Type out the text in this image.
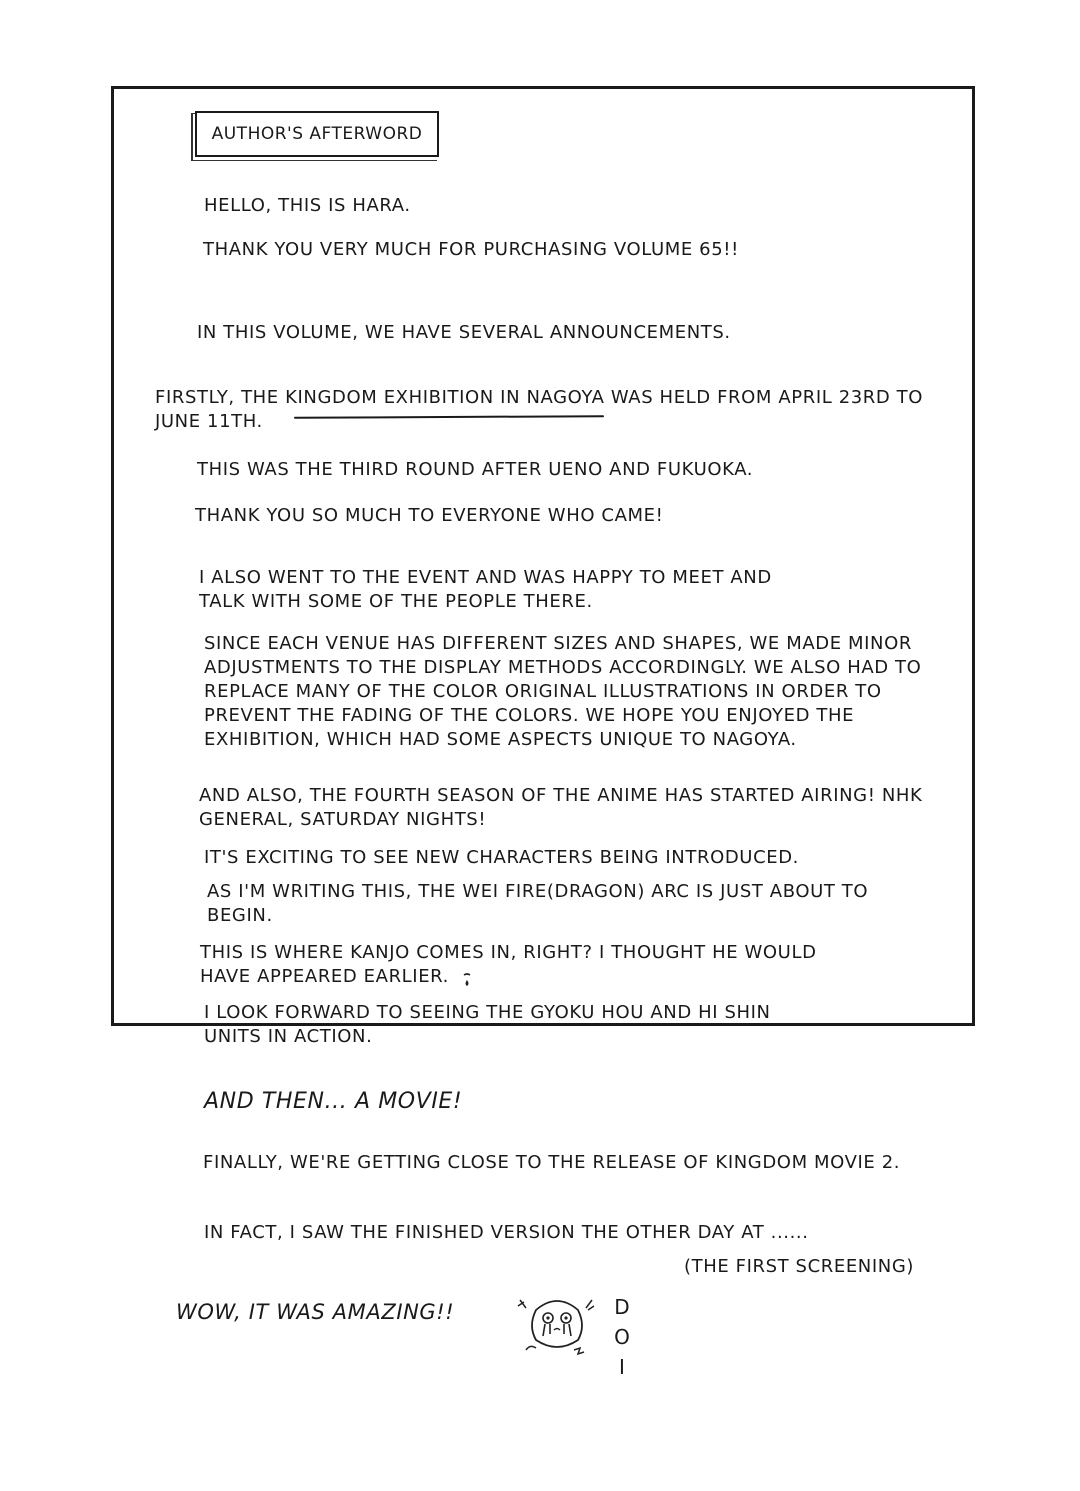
AUTHOR'S AFTERWORD
HELLO, THIS IS HARA.
THANK YOU VERY MUCH FOR PURCHASING VOLUME 65!!
IN THIS VOLUME, WE HAVE SEVERAL ANNOUNCEMENTS.
FIRSTLY, THE KINGDOM EXHIBITION IN NAGOYA WAS HELD FROM APRIL 23RD TO
JUNE 11TH.
THIS WAS THE THIRD ROUND AFTER UENO AND FUKUOKA.
THANK YOU SO MUCH TO EVERYONE WHO CAME!
I ALSO WENT TO THE EVENT AND WAS HAPPY TO MEET AND
TALK WITH SOME OF THE PEOPLE THERE.
SINCE EACH VENUE HAS DIFFERENT SIZES AND SHAPES, WE MADE MINOR
ADJUSTMENTS TO THE DISPLAY METHODS ACCORDINGLY. WE ALSO HAD TO
REPLACE MANY OF THE COLOR ORIGINAL ILLUSTRATIONS IN ORDER TO
PREVENT THE FADING OF THE COLORS. WE HOPE YOU ENJOYED THE
EXHIBITION, WHICH HAD SOME ASPECTS UNIQUE TO NAGOYA.
AND ALSO, THE FOURTH SEASON OF THE ANIME HAS STARTED AIRING! NHK
GENERAL, SATURDAY NIGHTS!
IT'S EXCITING TO SEE NEW CHARACTERS BEING INTRODUCED.
AS I'M WRITING THIS, THE WEI FIRE(DRAGON) ARC IS JUST ABOUT TO
BEGIN.
THIS IS WHERE KANJO COMES IN, RIGHT? I THOUGHT HE WOULD
HAVE APPEARED EARLIER.
I LOOK FORWARD TO SEEING THE GYOKU HOU AND HI SHIN
UNITS IN ACTION.
AND THEN... A MOVIE!
FINALLY, WE'RE GETTING CLOSE TO THE RELEASE OF KINGDOM MOVIE 2.
IN FACT, I SAW THE FINISHED VERSION THE OTHER DAY AT ......
(THE FIRST SCREENING)
WOW, IT WAS AMAZING!!	D
O
I
